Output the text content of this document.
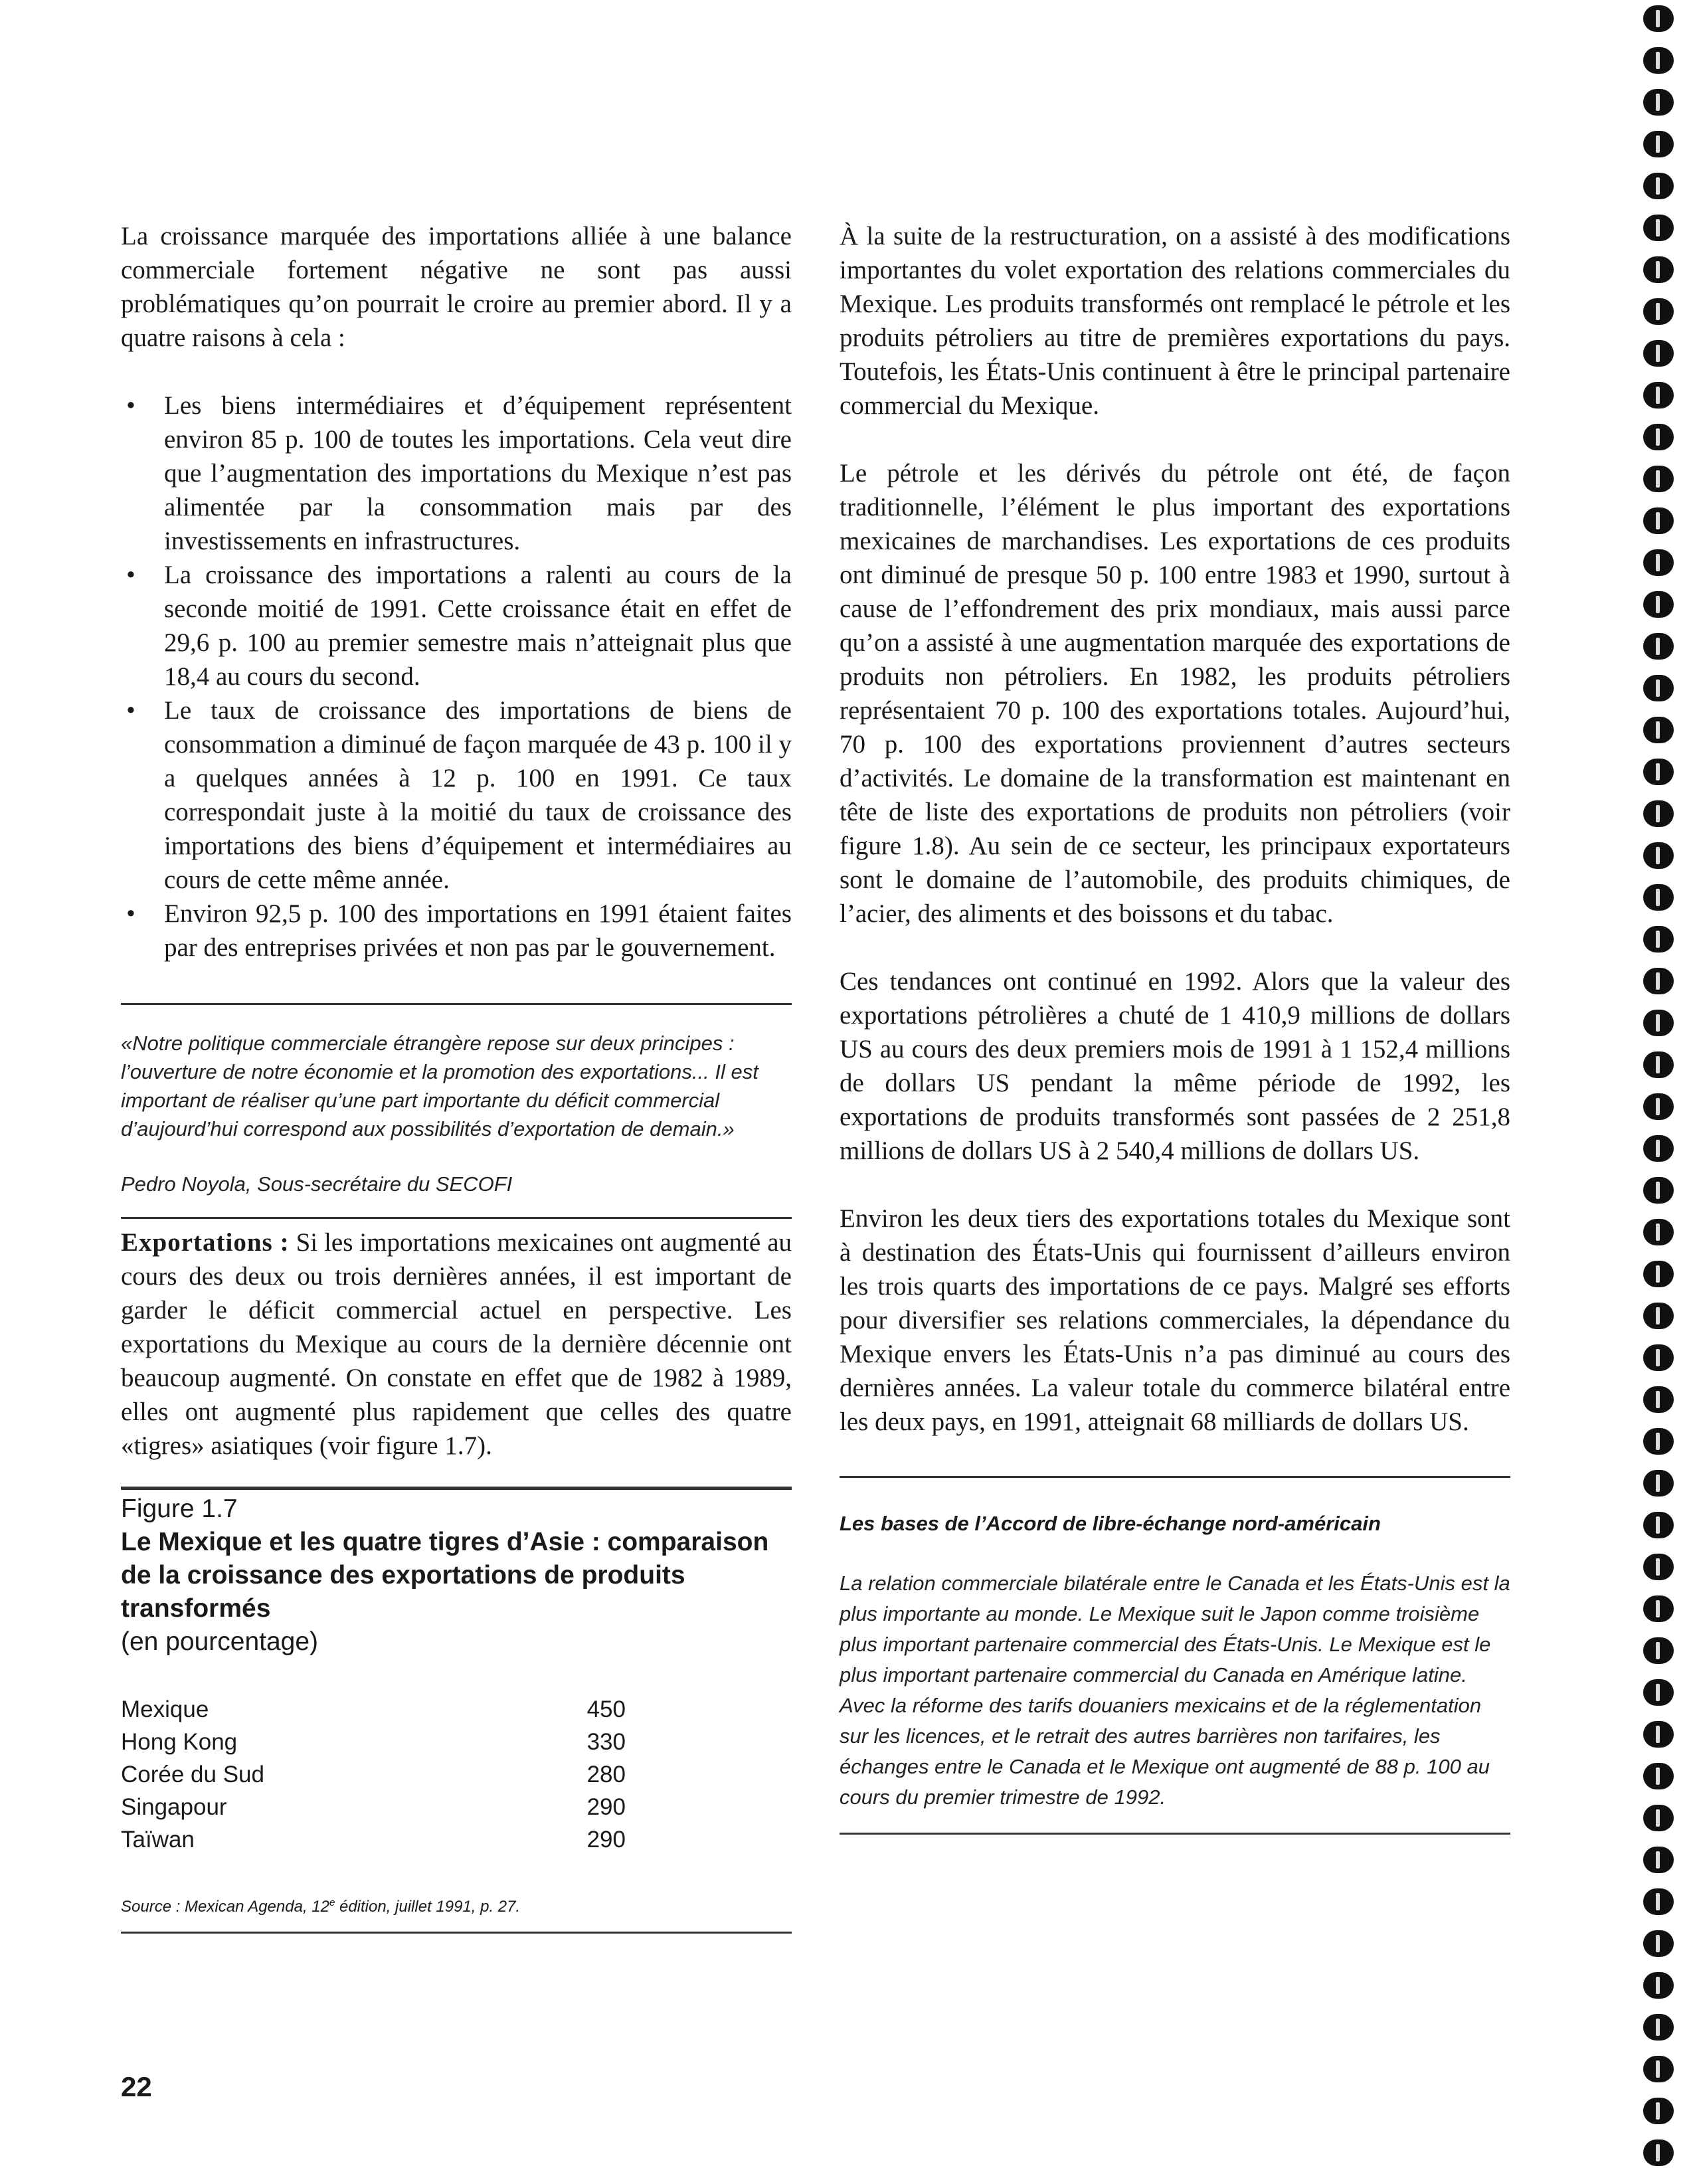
La croissance marquée des importations alliée à une balance commerciale fortement négative ne sont pas aussi problématiques qu’on pourrait le croire au premier abord. Il y a quatre raisons à cela :

• Les biens intermédiaires et d’équipement représentent environ 85 p. 100 de toutes les importations. Cela veut dire que l’augmentation des importations du Mexique n’est pas alimentée par la consommation mais par des investissements en infrastructures.
• La croissance des importations a ralenti au cours de la seconde moitié de 1991. Cette croissance était en effet de 29,6 p. 100 au premier semestre mais n’atteignait plus que 18,4 au cours du second.
• Le taux de croissance des importations de biens de consommation a diminué de façon marquée de 43 p. 100 il y a quelques années à 12 p. 100 en 1991. Ce taux correspondait juste à la moitié du taux de croissance des importations des biens d’équipement et intermédiaires au cours de cette même année.
• Environ 92,5 p. 100 des importations en 1991 étaient faites par des entreprises privées et non pas par le gouvernement.

«Notre politique commerciale étrangère repose sur deux principes : l’ouverture de notre économie et la promotion des exportations... Il est important de réaliser qu’une part importante du déficit commercial d’aujourd’hui correspond aux possibilités d’exportation de demain.»

Pedro Noyola, Sous-secrétaire du SECOFI

Exportations : Si les importations mexicaines ont augmenté au cours des deux ou trois dernières années, il est important de garder le déficit commercial actuel en perspective. Les exportations du Mexique au cours de la dernière décennie ont beaucoup augmenté. On constate en effet que de 1982 à 1989, elles ont augmenté plus rapidement que celles des quatre «tigres» asiatiques (voir figure 1.7).

Figure 1.7
Le Mexique et les quatre tigres d’Asie : comparaison de la croissance des exportations de produits transformés
(en pourcentage)
Mexique	450
Hong Kong	330
Corée du Sud	280
Singapour	290
Taïwan	290
Source : Mexican Agenda, 12e édition, juillet 1991, p. 27.

À la suite de la restructuration, on a assisté à des modifications importantes du volet exportation des relations commerciales du Mexique. Les produits transformés ont remplacé le pétrole et les produits pétroliers au titre de premières exportations du pays. Toutefois, les États-Unis continuent à être le principal partenaire commercial du Mexique.

Le pétrole et les dérivés du pétrole ont été, de façon traditionnelle, l’élément le plus important des exportations mexicaines de marchandises. Les exportations de ces produits ont diminué de presque 50 p. 100 entre 1983 et 1990, surtout à cause de l’effondrement des prix mondiaux, mais aussi parce qu’on a assisté à une augmentation marquée des exportations de produits non pétroliers. En 1982, les produits pétroliers représentaient 70 p. 100 des exportations totales. Aujourd’hui, 70 p. 100 des exportations proviennent d’autres secteurs d’activités. Le domaine de la transformation est maintenant en tête de liste des exportations de produits non pétroliers (voir figure 1.8). Au sein de ce secteur, les principaux exportateurs sont le domaine de l’automobile, des produits chimiques, de l’acier, des aliments et des boissons et du tabac.

Ces tendances ont continué en 1992. Alors que la valeur des exportations pétrolières a chuté de 1 410,9 millions de dollars US au cours des deux premiers mois de 1991 à 1 152,4 millions de dollars US pendant la même période de 1992, les exportations de produits transformés sont passées de 2 251,8 millions de dollars US à 2 540,4 millions de dollars US.

Environ les deux tiers des exportations totales du Mexique sont à destination des États-Unis qui fournissent d’ailleurs environ les trois quarts des importations de ce pays. Malgré ses efforts pour diversifier ses relations commerciales, la dépendance du Mexique envers les États-Unis n’a pas diminué au cours des dernières années. La valeur totale du commerce bilatéral entre les deux pays, en 1991, atteignait 68 milliards de dollars US.

Les bases de l’Accord de libre-échange nord-américain

La relation commerciale bilatérale entre le Canada et les États-Unis est la plus importante au monde. Le Mexique suit le Japon comme troisième plus important partenaire commercial des États-Unis. Le Mexique est le plus important partenaire commercial du Canada en Amérique latine. Avec la réforme des tarifs douaniers mexicains et de la réglementation sur les licences, et le retrait des autres barrières non tarifaires, les échanges entre le Canada et le Mexique ont augmenté de 88 p. 100 au cours du premier trimestre de 1992.

22
